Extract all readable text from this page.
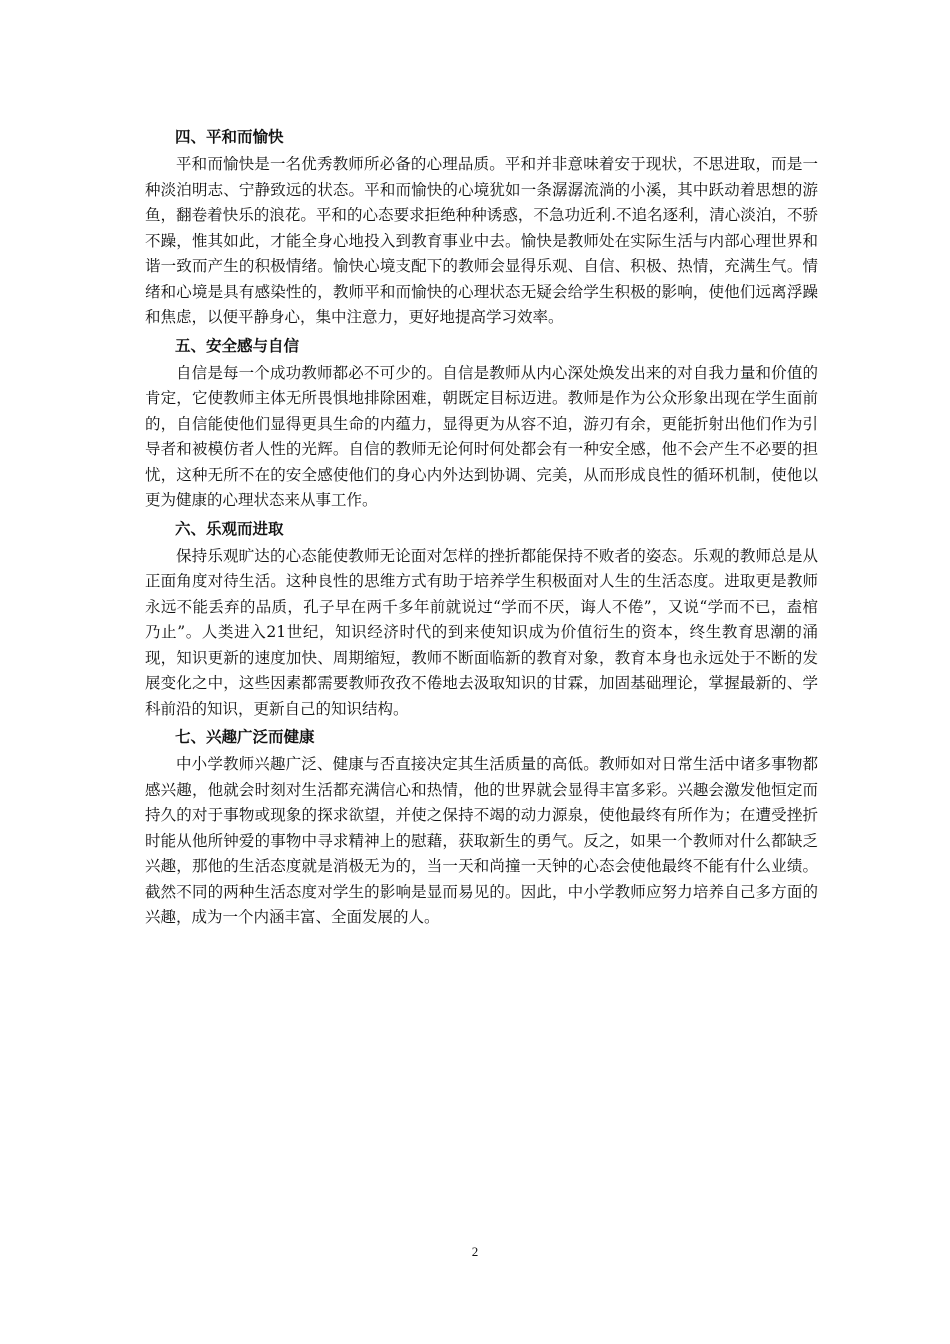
四、平和而愉快

平和而愉快是一名优秀教师所必备的心理品质。平和并非意味着安于现状，不思进取，而是一种淡泊明志、宁静致远的状态。平和而愉快的心境犹如一条潺潺流淌的小溪，其中跃动着思想的游鱼，翻卷着快乐的浪花。平和的心态要求拒绝种种诱惑，不急功近利.不追名逐利，清心淡泊，不骄不躁，惟其如此，才能全身心地投入到教育事业中去。愉快是教师处在实际生活与内部心理世界和谐一致而产生的积极情绪。愉快心境支配下的教师会显得乐观、自信、积极、热情，充满生气。情绪和心境是具有感染性的，教师平和而愉快的心理状态无疑会给学生积极的影响，使他们远离浮躁和焦虑，以便平静身心，集中注意力，更好地提高学习效率。

五、安全感与自信

自信是每一个成功教师都必不可少的。自信是教师从内心深处焕发出来的对自我力量和价值的肯定，它使教师主体无所畏惧地排除困难，朝既定目标迈进。教师是作为公众形象出现在学生面前的，自信能使他们显得更具生命的内蕴力，显得更为从容不迫，游刃有余，更能折射出他们作为引导者和被模仿者人性的光辉。自信的教师无论何时何处都会有一种安全感，他不会产生不必要的担忧，这种无所不在的安全感使他们的身心内外达到协调、完美，从而形成良性的循环机制，使他以更为健康的心理状态来从事工作。

六、乐观而进取

保持乐观旷达的心态能使教师无论面对怎样的挫折都能保持不败者的姿态。乐观的教师总是从正面角度对待生活。这种良性的思维方式有助于培养学生积极面对人生的生活态度。进取更是教师永远不能丢弃的品质，孔子早在两千多年前就说过“学而不厌，诲人不倦”，又说“学而不已，盍棺乃止”。人类进入21世纪，知识经济时代的到来使知识成为价值衍生的资本，终生教育思潮的涌现，知识更新的速度加快、周期缩短，教师不断面临新的教育对象，教育本身也永远处于不断的发展变化之中，这些因素都需要教师孜孜不倦地去汲取知识的甘霖，加固基础理论，掌握最新的、学科前沿的知识，更新自己的知识结构。

七、兴趣广泛而健康

中小学教师兴趣广泛、健康与否直接决定其生活质量的高低。教师如对日常生活中诸多事物都感兴趣，他就会时刻对生活都充满信心和热情，他的世界就会显得丰富多彩。兴趣会激发他恒定而持久的对于事物或现象的探求欲望，并使之保持不竭的动力源泉，使他最终有所作为；在遭受挫折时能从他所钟爱的事物中寻求精神上的慰藉，获取新生的勇气。反之，如果一个教师对什么都缺乏兴趣，那他的生活态度就是消极无为的，当一天和尚撞一天钟的心态会使他最终不能有什么业绩。截然不同的两种生活态度对学生的影响是显而易见的。因此，中小学教师应努力培养自己多方面的兴趣，成为一个内涵丰富、全面发展的人。

2
